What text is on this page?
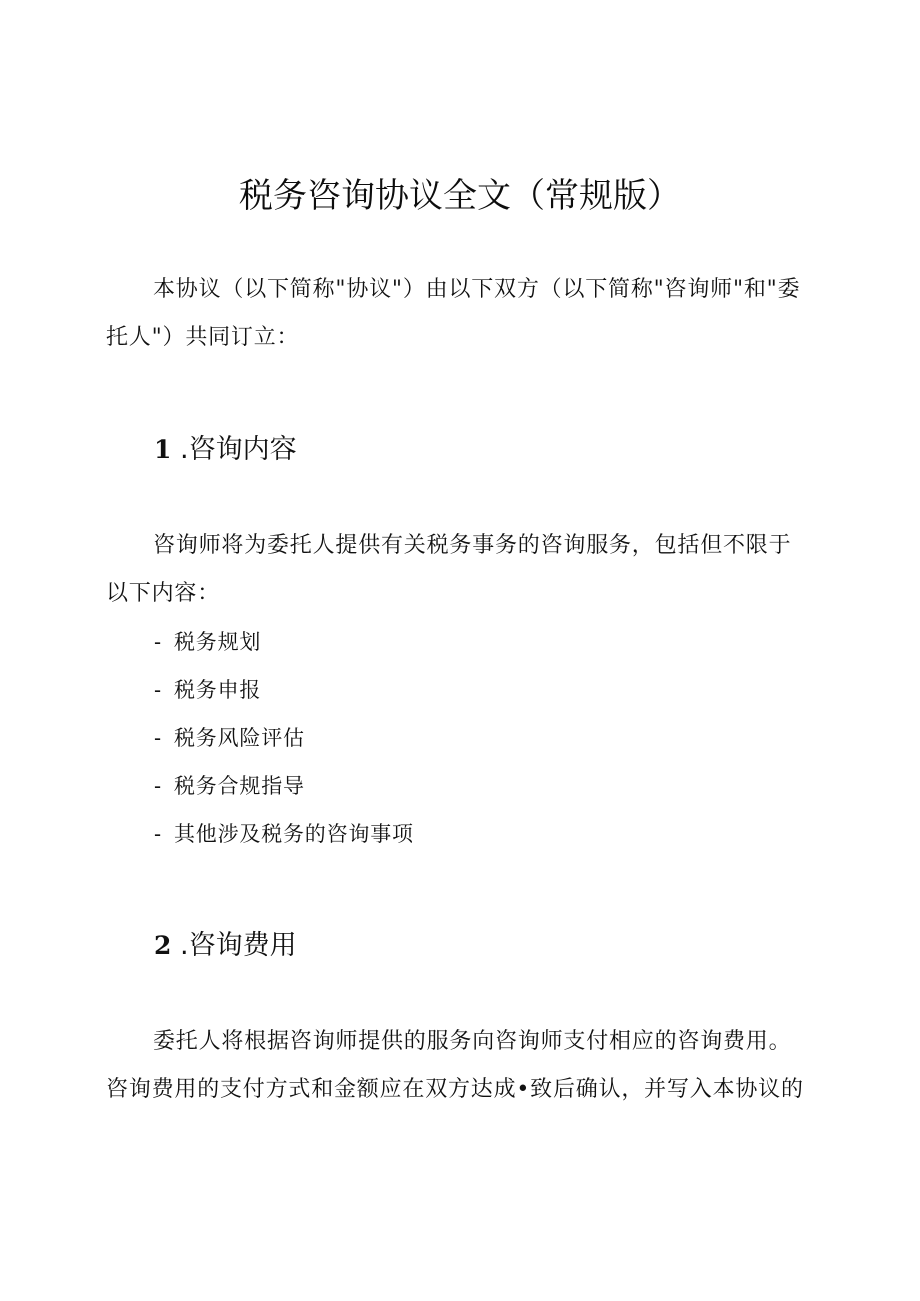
税务咨询协议全文（常规版）
本协议（以下简称"协议"）由以下双方（以下简称"咨询师"和"委
托人"）共同订立：
1 .咨询内容
咨询师将为委托人提供有关税务事务的咨询服务，包括但不限于
以下内容：
- 税务规划
- 税务申报
- 税务风险评估
- 税务合规指导
- 其他涉及税务的咨询事项
2 .咨询费用
委托人将根据咨询师提供的服务向咨询师支付相应的咨询费用。
咨询费用的支付方式和金额应在双方达成•致后确认，并写入本协议的
